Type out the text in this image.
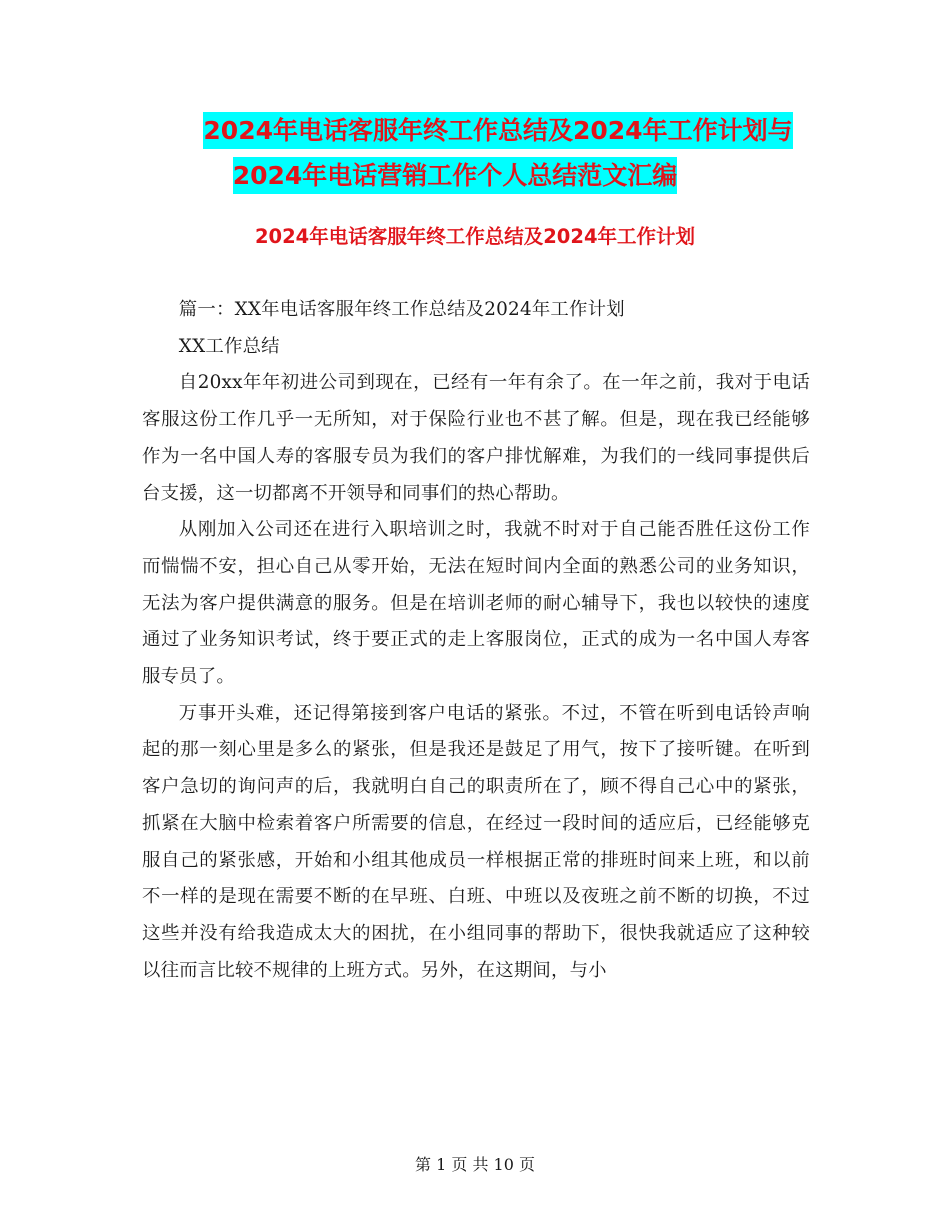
2024年电话客服年终工作总结及2024年工作计划与
2024年电话营销工作个人总结范文汇编
2024年电话客服年终工作总结及2024年工作计划

篇一：XX年电话客服年终工作总结及2024年工作计划

XX工作总结

自20xx年年初进公司到现在，已经有一年有余了。在一年之前，我对于电话客服这份工作几乎一无所知，对于保险行业也不甚了解。但是，现在我已经能够作为一名中国人寿的客服专员为我们的客户排忧解难，为我们的一线同事提供后台支援，这一切都离不开领导和同事们的热心帮助。

从刚加入公司还在进行入职培训之时，我就不时对于自己能否胜任这份工作而惴惴不安，担心自己从零开始，无法在短时间内全面的熟悉公司的业务知识，无法为客户提供满意的服务。但是在培训老师的耐心辅导下，我也以较快的速度通过了业务知识考试，终于要正式的走上客服岗位，正式的成为一名中国人寿客服专员了。

万事开头难，还记得第接到客户电话的紧张。不过，不管在听到电话铃声响起的那一刻心里是多么的紧张，但是我还是鼓足了用气，按下了接听键。在听到客户急切的询问声的后，我就明白自己的职责所在了，顾不得自己心中的紧张，抓紧在大脑中检索着客户所需要的信息，在经过一段时间的适应后，已经能够克服自己的紧张感，开始和小组其他成员一样根据正常的排班时间来上班，和以前不一样的是现在需要不断的在早班、白班、中班以及夜班之前不断的切换，不过这些并没有给我造成太大的困扰，在小组同事的帮助下，很快我就适应了这种较以往而言比较不规律的上班方式。另外，在这期间，与小

第 1 页 共 10 页
